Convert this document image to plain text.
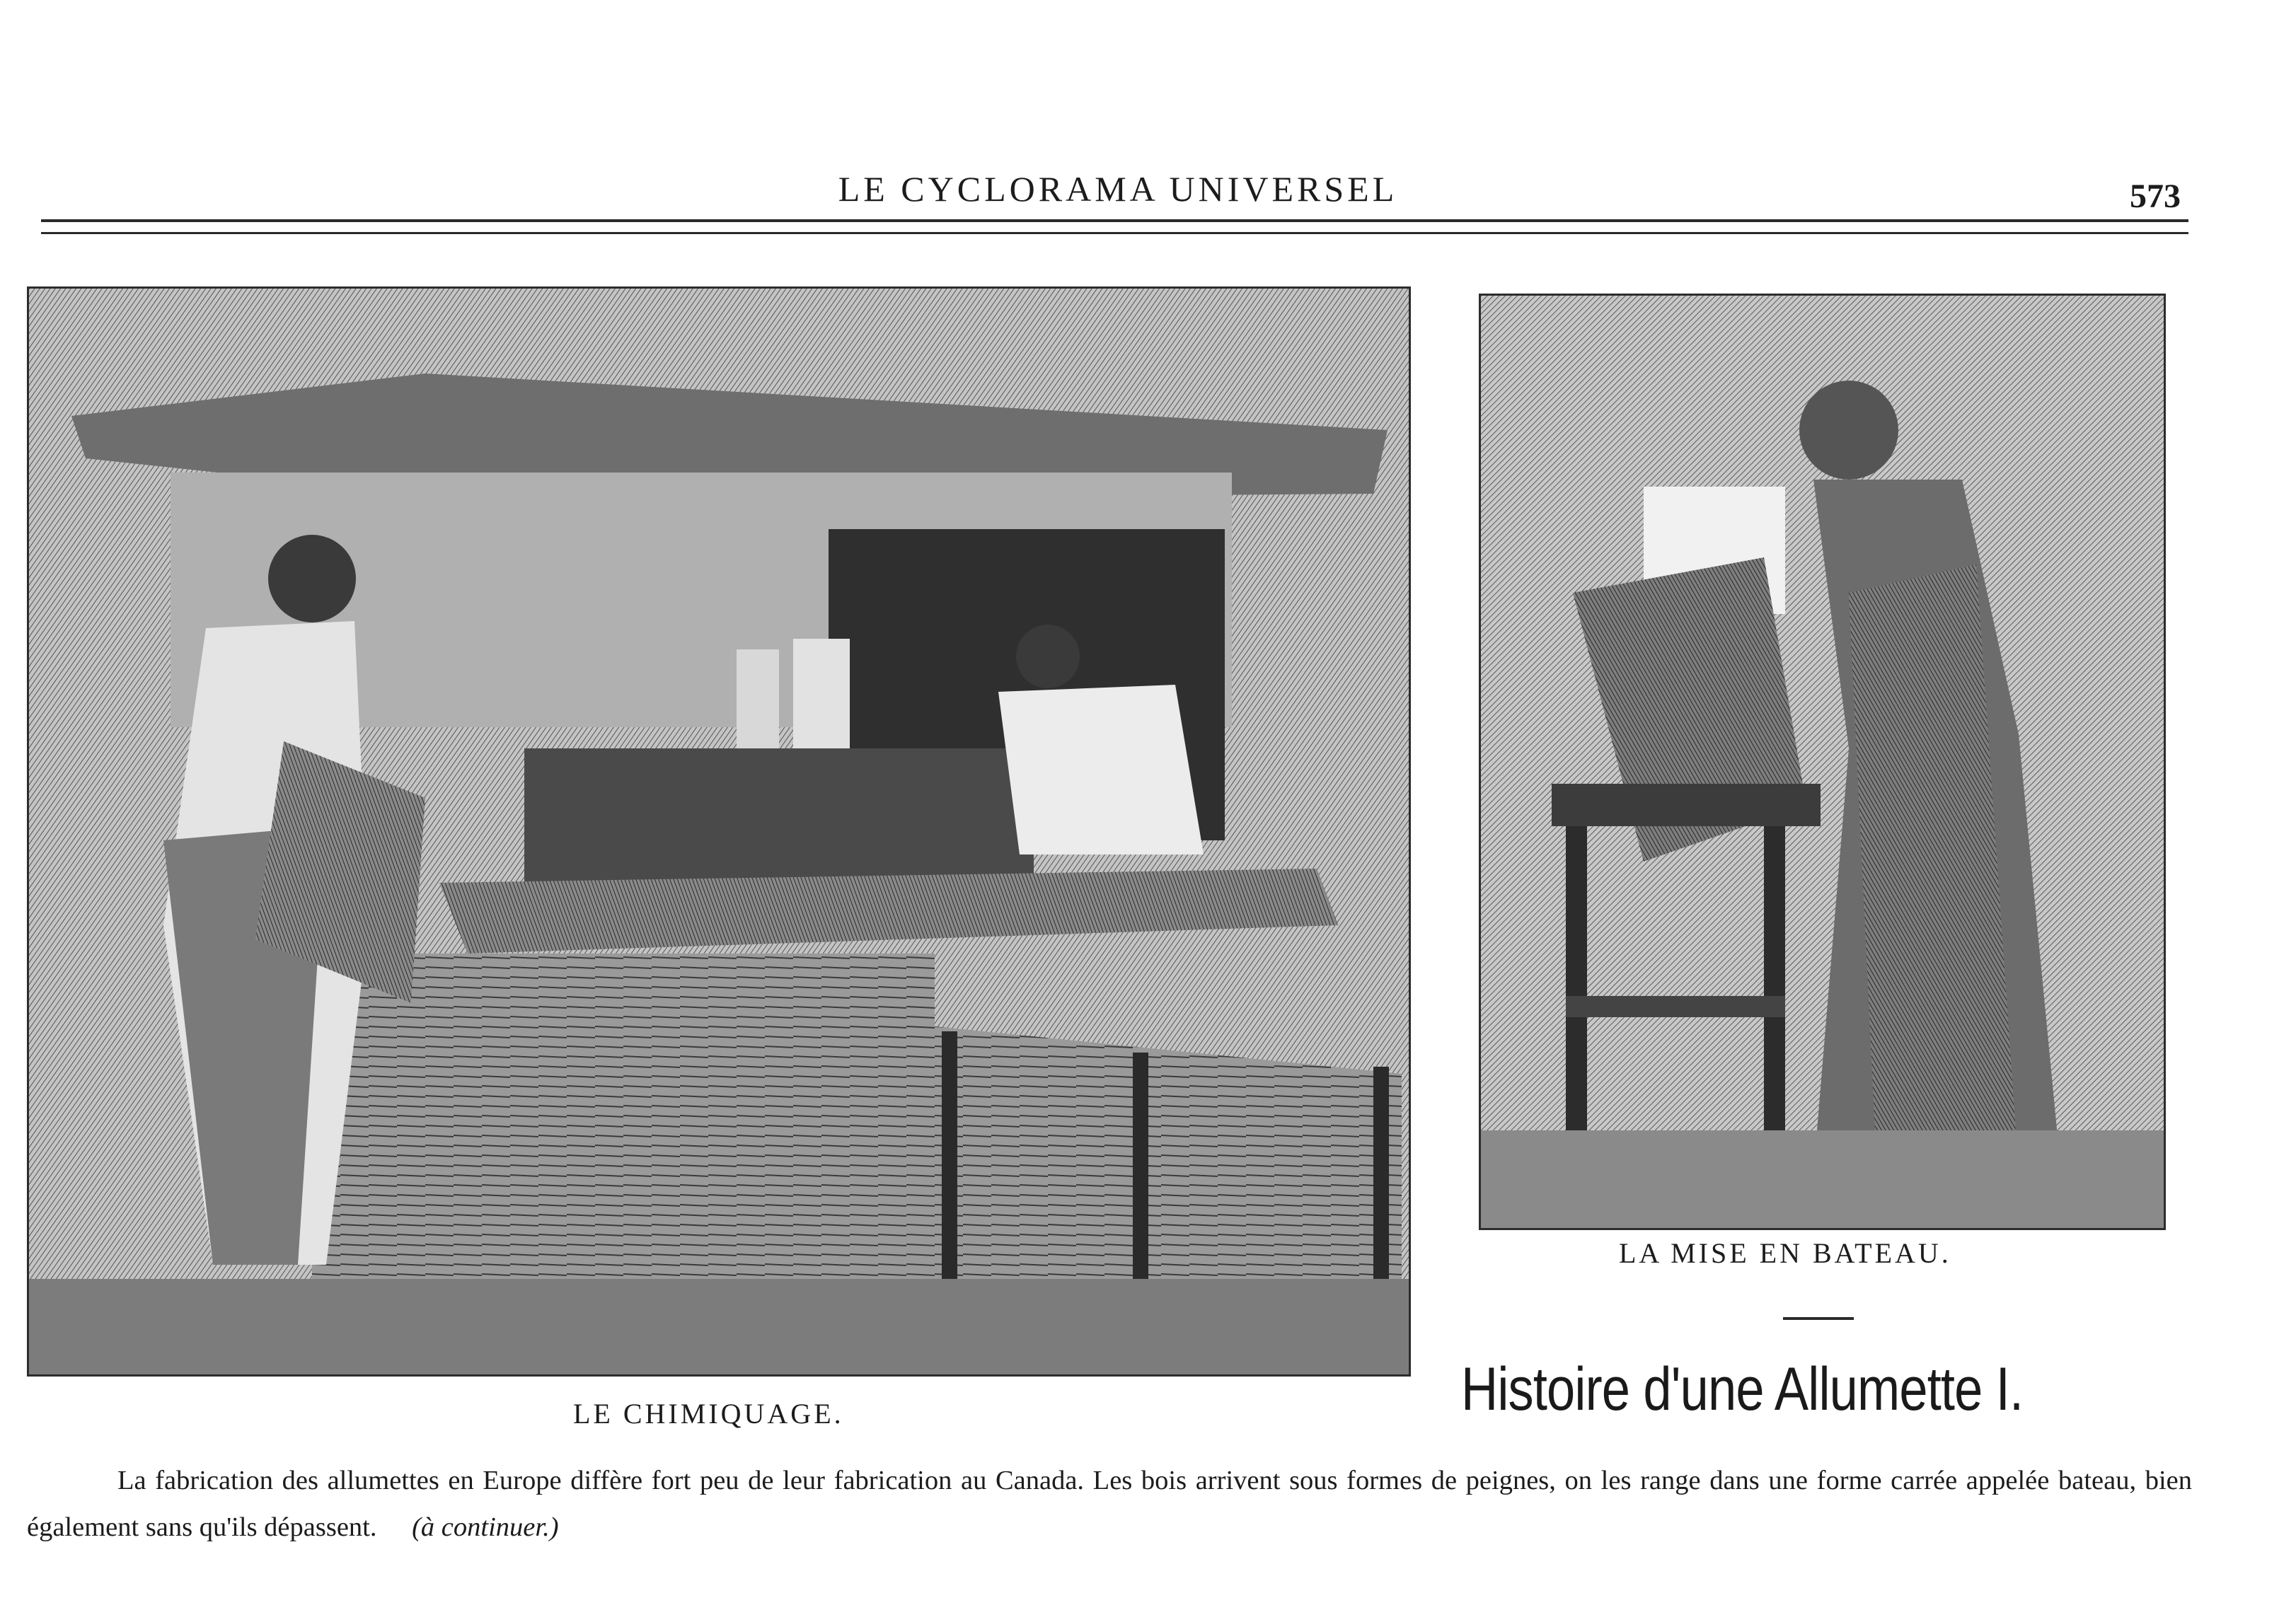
LE CYCLORAMA UNIVERSEL	573
LE CHIMIQUAGE.
LA MISE EN BATEAU.
Histoire d'une Allumette I.
La fabrication des allumettes en Europe diffère fort peu de leur fabrication au Canada. Les bois arrivent sous formes de peignes, on les range dans une forme carrée appelée bateau, bien également sans qu'ils dépassent. (à continuer.)
